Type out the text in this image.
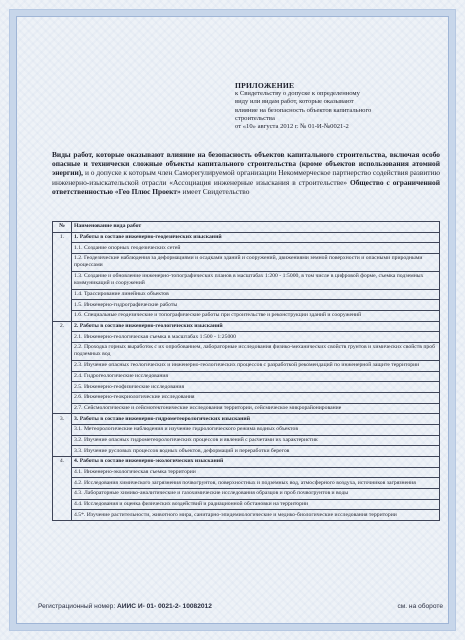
ПРИЛОЖЕНИЕ
к Свидетельству о допуске к определенному
виду или видам работ, которые оказывают
влияние на безопасность объектов капитального
строительства
от «10» августа 2012 г. № 01-И-№0021-2
Виды работ, которые оказывают влияние на безопасность объектов капитального строительства, включая особо опасные и технически сложные объекты капитального строительства (кроме объектов использования атомной энергии), и о допуске к которым член Саморегулируемой организации Некоммерческое партнерство содействия развитию инженерно-изыскательской отрасли «Ассоциация инженерные изыскания в строительстве» Общество с ограниченной ответственностью «Гео Плюс Проект» имеет Свидетельство
№	Наименование вида работ
1.	1. Работы в составе инженерно-геодезических изысканий
	1.1. Создание опорных геодезических сетей
	1.2. Геодезические наблюдения за деформациями и осадками зданий и сооружений, движениями земной поверхности и опасными природными процессами
	1.3. Создание и обновление инженерно-топографических планов в масштабах 1:200 - 1:5000, в том числе в цифровой форме, съемка подземных коммуникаций и сооружений
	1.4. Трассирование линейных объектов
	1.5. Инженерно-гидрографические работы
	1.6. Специальные геодезические и топографические работы при строительстве и реконструкции зданий и сооружений
2.	2. Работы в составе инженерно-геологических изысканий
	2.1. Инженерно-геологическая съемка в масштабах 1:500 - 1:25000
	2.2. Проходка горных выработок с их опробованием, лабораторные исследования физико-механических свойств грунтов и химических свойств проб подземных вод
	2.3. Изучение опасных геологических и инженерно-геологических процессов с разработкой рекомендаций по инженерной защите территории
	2.4. Гидрогеологические исследования
	2.5. Инженерно-геофизические исследования
	2.6. Инженерно-геокриологические исследования
	2.7. Сейсмологические и сейсмотектонические исследования территории, сейсмическое микрорайонирование
3.	3. Работы в составе инженерно-гидрометеорологических изысканий
	3.1. Метеорологические наблюдения и изучение гидрологического режима водных объектов
	3.2. Изучение опасных гидрометеорологических процессов и явлений с расчетами их характеристик
	3.3. Изучение русловых процессов водных объектов, деформаций и переработки берегов
4.	4. Работы в составе инженерно-экологических изысканий
	4.1. Инженерно-экологическая съемка территории
	4.2. Исследования химического загрязнения почвогрунтов, поверхностных и подземных вод, атмосферного воздуха, источников загрязнения
	4.3. Лабораторные химико-аналитические и газохимические исследования образцов и проб почвогрунтов и воды
	4.4. Исследования и оценка физических воздействий и радиационной обстановки на территории
	4.5*. Изучение растительности, животного мира, санитарно-эпидемиологические и медико-биологические исследования территории
Регистрационный номер: АИИС И- 01- 0021-2- 10082012	см. на обороте
